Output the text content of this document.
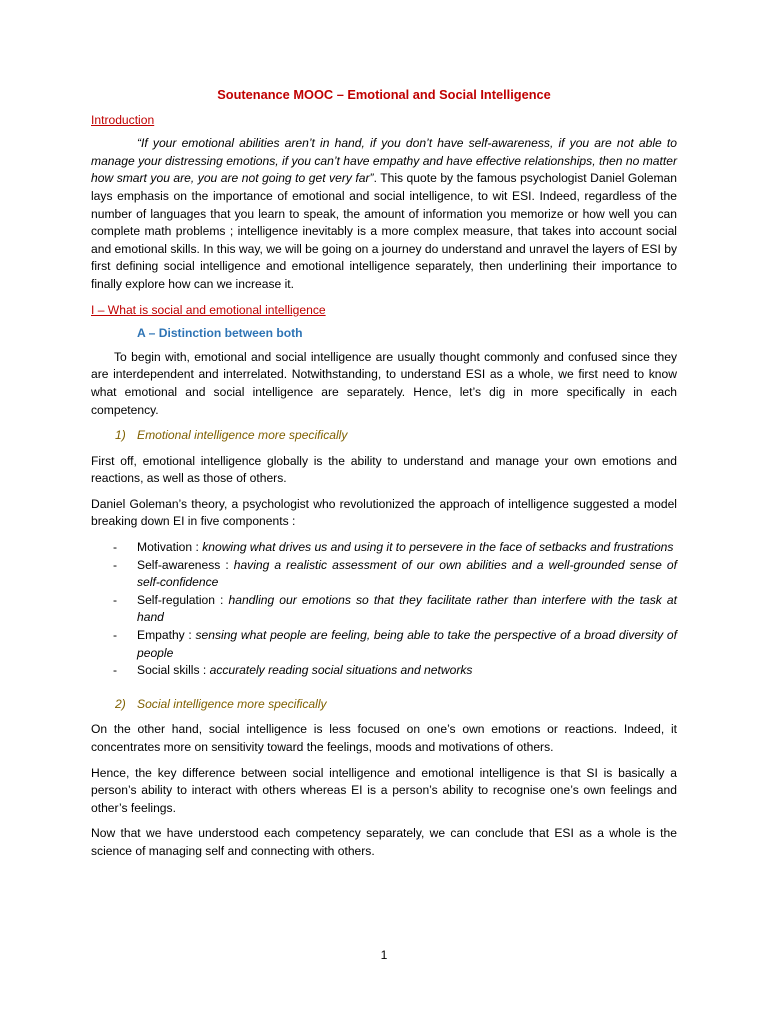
Soutenance MOOC – Emotional and Social Intelligence
Introduction

“If your emotional abilities aren’t in hand, if you don’t have self-awareness, if you are not able to manage your distressing emotions, if you can’t have empathy and have effective relationships, then no matter how smart you are, you are not going to get very far”. This quote by the famous psychologist Daniel Goleman lays emphasis on the importance of emotional and social intelligence, to wit ESI. Indeed, regardless of the number of languages that you learn to speak, the amount of information you memorize or how well you can complete math problems ; intelligence inevitably is a more complex measure, that takes into account social and emotional skills. In this way, we will be going on a journey do understand and unravel the layers of ESI by first defining social intelligence and emotional intelligence separately, then underlining their importance to finally explore how can we increase it.

I – What is social and emotional intelligence
A – Distinction between both

To begin with, emotional and social intelligence are usually thought commonly and confused since they are interdependent and interrelated. Notwithstanding, to understand ESI as a whole, we first need to know what emotional and social intelligence are separately. Hence, let’s dig in more specifically in each competency.

1) Emotional intelligence more specifically

First off, emotional intelligence globally is the ability to understand and manage your own emotions and reactions, as well as those of others.

Daniel Goleman’s theory, a psychologist who revolutionized the approach of intelligence suggested a model breaking down EI in five components :

- Motivation : knowing what drives us and using it to persevere in the face of setbacks and frustrations
- Self-awareness : having a realistic assessment of our own abilities and a well-grounded sense of self-confidence
- Self-regulation : handling our emotions so that they facilitate rather than interfere with the task at hand
- Empathy : sensing what people are feeling, being able to take the perspective of a broad diversity of people
- Social skills : accurately reading social situations and networks
2) Social intelligence more specifically

On the other hand, social intelligence is less focused on one’s own emotions or reactions. Indeed, it concentrates more on sensitivity toward the feelings, moods and motivations of others.

Hence, the key difference between social intelligence and emotional intelligence is that SI is basically a person’s ability to interact with others whereas EI is a person’s ability to recognise one’s own feelings and other’s feelings.

Now that we have understood each competency separately, we can conclude that ESI as a whole is the science of managing self and connecting with others.

1
